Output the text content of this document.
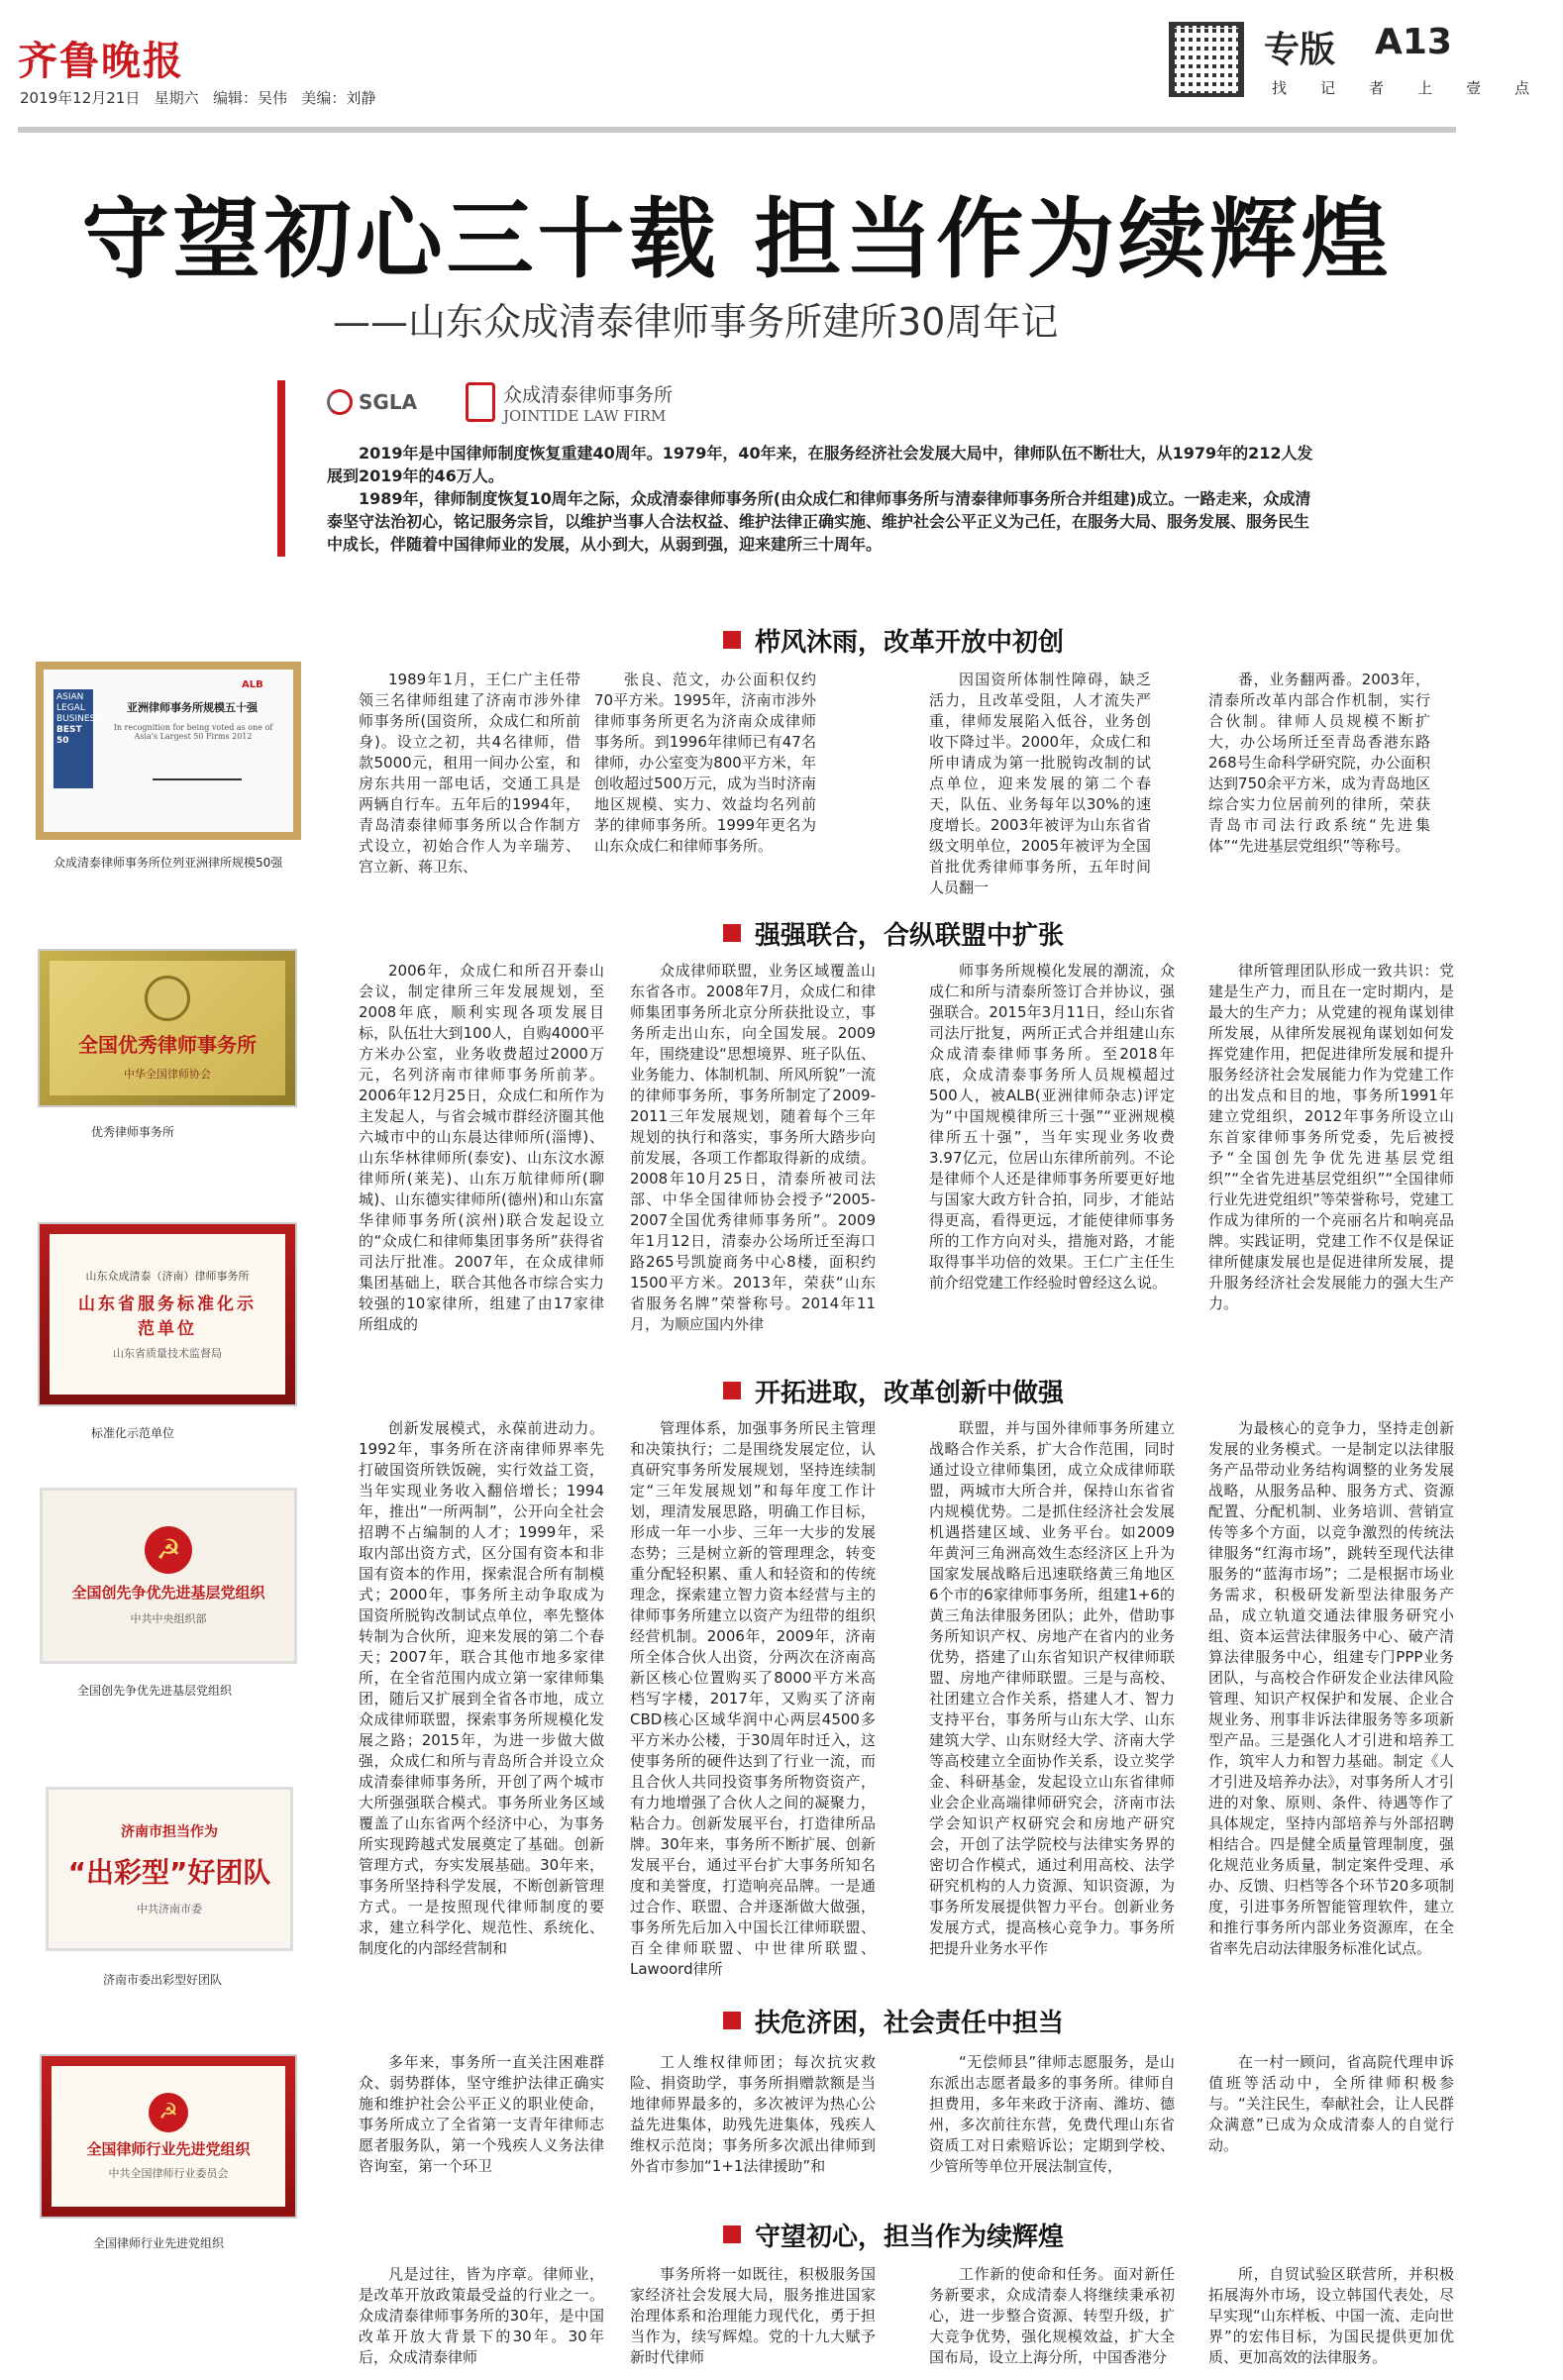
齐鲁晚报
2019年12月21日 星期六 编辑：吴伟 美编：刘静
专版 A13
找 记 者 上 壹 点
守望初心三十载 担当作为续辉煌
——山东众成清泰律师事务所建所30周年记
SGLA	众成清泰律师事务所
JOINTIDE LAW FIRM

2019年是中国律师制度恢复重建40周年。1979年，40年来，在服务经济社会发展大局中，律师队伍不断壮大，从1979年的212人发展到2019年的46万人。

1989年，律师制度恢复10周年之际，众成清泰律师事务所(由众成仁和律师事务所与清泰律师事务所合并组建)成立。一路走来，众成清泰坚守法治初心，铭记服务宗旨，以维护当事人合法权益、维护法律正确实施、维护社会公平正义为己任，在服务大局、服务发展、服务民生中成长，伴随着中国律师业的发展，从小到大，从弱到强，迎来建所三十周年。

栉风沐雨，改革开放中初创

1989年1月，王仁广主任带领三名律师组建了济南市涉外律师事务所(国资所，众成仁和所前身)。设立之初，共4名律师，借款5000元，租用一间办公室，和房东共用一部电话，交通工具是两辆自行车。五年后的1994年，青岛清泰律师事务所以合作制方式设立，初始合作人为辛瑞芳、宫立新、蒋卫东、

张良、范文，办公面积仅约70平方米。1995年，济南市涉外律师事务所更名为济南众成律师事务所。到1996年律师已有47名律师，办公室变为800平方米，年创收超过500万元，成为当时济南地区规模、实力、效益均名列前茅的律师事务所。1999年更名为山东众成仁和律师事务所。

因国资所体制性障碍，缺乏活力，且改革受阻，人才流失严重，律师发展陷入低谷，业务创收下降过半。2000年，众成仁和所申请成为第一批脱钩改制的试点单位，迎来发展的第二个春天，队伍、业务每年以30%的速度增长。2003年被评为山东省省级文明单位，2005年被评为全国首批优秀律师事务所，五年时间人员翻一

番，业务翻两番。2003年，清泰所改革内部合作机制，实行合伙制。律师人员规模不断扩大，办公场所迁至青岛香港东路268号生命科学研究院，办公面积达到750余平方米，成为青岛地区综合实力位居前列的律所，荣获青岛市司法行政系统“先进集体”“先进基层党组织”等称号。

强强联合，合纵联盟中扩张

2006年，众成仁和所召开泰山会议，制定律所三年发展规划，至2008年底，顺利实现各项发展目标，队伍壮大到100人，自购4000平方米办公室，业务收费超过2000万元，名列济南市律师事务所前茅。2006年12月25日，众成仁和所作为主发起人，与省会城市群经济圈其他六城市中的山东晨达律师所(淄博)、山东华林律师所(泰安)、山东汶水源律师所(莱芜)、山东万航律师所(聊城)、山东德实律师所(德州)和山东富华律师事务所(滨州)联合发起设立的“众成仁和律师集团事务所”获得省司法厅批准。2007年，在众成律师集团基础上，联合其他各市综合实力较强的10家律所，组建了由17家律所组成的

众成律师联盟，业务区域覆盖山东省各市。2008年7月，众成仁和律师集团事务所北京分所获批设立，事务所走出山东，向全国发展。2009年，围绕建设“思想境界、班子队伍、业务能力、体制机制、所风所貌”一流的律师事务所，事务所制定了2009-2011三年发展规划，随着每个三年规划的执行和落实，事务所大踏步向前发展，各项工作都取得新的成绩。2008年10月25日，清泰所被司法部、中华全国律师协会授予“2005-2007全国优秀律师事务所”。2009年1月12日，清泰办公场所迁至海口路265号凯旋商务中心8楼，面积约1500平方米。2013年，荣获“山东省服务名牌”荣誉称号。2014年11月，为顺应国内外律

师事务所规模化发展的潮流，众成仁和所与清泰所签订合并协议，强强联合。2015年3月11日，经山东省司法厅批复，两所正式合并组建山东众成清泰律师事务所。至2018年底，众成清泰事务所人员规模超过500人，被ALB(亚洲律师杂志)评定为“中国规模律所三十强”“亚洲规模律所五十强”，当年实现业务收费3.97亿元，位居山东律所前列。不论是律师个人还是律师事务所要更好地与国家大政方针合拍，同步，才能站得更高，看得更远，才能使律师事务所的工作方向对头，措施对路，才能取得事半功倍的效果。王仁广主任生前介绍党建工作经验时曾经这么说。

律所管理团队形成一致共识：党建是生产力，而且在一定时期内，是最大的生产力；从党建的视角谋划律所发展，从律所发展视角谋划如何发挥党建作用，把促进律所发展和提升服务经济社会发展能力作为党建工作的出发点和目的地，事务所1991年建立党组织，2012年事务所设立山东首家律师事务所党委，先后被授予“全国创先争优先进基层党组织”“全省先进基层党组织”“全国律师行业先进党组织”等荣誉称号，党建工作成为律所的一个亮丽名片和响亮品牌。实践证明，党建工作不仅是保证律所健康发展也是促进律所发展，提升服务经济社会发展能力的强大生产力。

开拓进取，改革创新中做强

创新发展模式，永葆前进动力。1992年，事务所在济南律师界率先打破国资所铁饭碗，实行效益工资，当年实现业务收入翻倍增长；1994年，推出“一所两制”，公开向全社会招聘不占编制的人才；1999年，采取内部出资方式，区分国有资本和非国有资本的作用，探索混合所有制模式；2000年，事务所主动争取成为国资所脱钩改制试点单位，率先整体转制为合伙所，迎来发展的第二个春天；2007年，联合其他市地多家律所，在全省范围内成立第一家律师集团，随后又扩展到全省各市地，成立众成律师联盟，探索事务所规模化发展之路；2015年，为进一步做大做强，众成仁和所与青岛所合并设立众成清泰律师事务所，开创了两个城市大所强强联合模式。事务所业务区域覆盖了山东省两个经济中心，为事务所实现跨越式发展奠定了基础。创新管理方式，夯实发展基础。30年来，事务所坚持科学发展，不断创新管理方式。一是按照现代律师制度的要求，建立科学化、规范性、系统化、制度化的内部经营制和

管理体系，加强事务所民主管理和决策执行；二是围绕发展定位，认真研究事务所发展规划，坚持连续制定“三年发展规划”和每年度工作计划，理清发展思路，明确工作目标，形成一年一小步、三年一大步的发展态势；三是树立新的管理理念，转变重分配轻积累、重人和轻资和的传统理念，探索建立智力资本经营与主的律师事务所建立以资产为纽带的组织经营机制。2006年，2009年，济南所全体合伙人出资，分两次在济南高新区核心位置购买了8000平方米高档写字楼，2017年，又购买了济南CBD核心区域华润中心两层4500多平方米办公楼，于30周年时迁入，这使事务所的硬件达到了行业一流，而且合伙人共同投资事务所物资资产，有力地增强了合伙人之间的凝聚力，粘合力。创新发展平台，打造律所品牌。30年来，事务所不断扩展、创新发展平台，通过平台扩大事务所知名度和美誉度，打造响亮品牌。一是通过合作、联盟、合并逐渐做大做强，事务所先后加入中国长江律师联盟、百全律师联盟、中世律所联盟、Lawoord律所

联盟，并与国外律师事务所建立战略合作关系，扩大合作范围，同时通过设立律师集团，成立众成律师联盟，两城市大所合并，保持山东省省内规模优势。二是抓住经济社会发展机遇搭建区域、业务平台。如2009年黄河三角洲高效生态经济区上升为国家发展战略后迅速联络黄三角地区6个市的6家律师事务所，组建1+6的黄三角法律服务团队；此外，借助事务所知识产权、房地产在省内的业务优势，搭建了山东省知识产权律师联盟、房地产律师联盟。三是与高校、社团建立合作关系，搭建人才、智力支持平台，事务所与山东大学、山东建筑大学、山东财经大学、济南大学等高校建立全面协作关系，设立奖学金、科研基金，发起设立山东省律师业会企业高端律师研究会，济南市法学会知识产权研究会和房地产研究会，开创了法学院校与法律实务界的密切合作模式，通过利用高校、法学研究机构的人力资源、知识资源，为事务所发展提供智力平台。创新业务发展方式，提高核心竞争力。事务所把提升业务水平作

为最核心的竞争力，坚持走创新发展的业务模式。一是制定以法律服务产品带动业务结构调整的业务发展战略，从服务品种、服务方式、资源配置、分配机制、业务培训、营销宣传等多个方面，以竞争激烈的传统法律服务“红海市场”，跳转至现代法律服务的“蓝海市场”；二是根据市场业务需求，积极研发新型法律服务产品，成立轨道交通法律服务研究小组、资本运营法律服务中心、破产清算法律服务中心，组建专门PPP业务团队，与高校合作研发企业法律风险管理、知识产权保护和发展、企业合规业务、刑事非诉法律服务等多项新型产品。三是强化人才引进和培养工作，筑牢人力和智力基础。制定《人才引进及培养办法》，对事务所人才引进的对象、原则、条件、待遇等作了具体规定，坚持内部培养与外部招聘相结合。四是健全质量管理制度，强化规范业务质量，制定案件受理、承办、反馈、归档等各个环节20多项制度，引进事务所智能管理软件，建立和推行事务所内部业务资源库，在全省率先启动法律服务标准化试点。

扶危济困，社会责任中担当

多年来，事务所一直关注困难群众、弱势群体，坚守维护法律正确实施和维护社会公平正义的职业使命，事务所成立了全省第一支青年律师志愿者服务队，第一个残疾人义务法律咨询室，第一个环卫

工人维权律师团；每次抗灾救险、捐资助学，事务所捐赠款额是当地律师界最多的，多次被评为热心公益先进集体，助残先进集体，残疾人维权示范岗；事务所多次派出律师到外省市参加“1+1法律援助”和

“无偿师县”律师志愿服务，是山东派出志愿者最多的事务所。律师自担费用，多年来政于济南、潍坊、德州，多次前往东营，免费代理山东省资质工对日索赔诉讼；定期到学校、少管所等单位开展法制宣传，

在一村一顾问，省高院代理申诉值班等活动中，全所律师积极参与。“关注民生，奉献社会，让人民群众满意”已成为众成清泰人的自觉行动。

守望初心，担当作为续辉煌

凡是过往，皆为序章。律师业，是改革开放政策最受益的行业之一。众成清泰律师事务所的30年，是中国改革开放大背景下的30年。30年后，众成清泰律师

事务所将一如既往，积极服务国家经济社会发展大局，服务推进国家治理体系和治理能力现代化，勇于担当作为，续写辉煌。党的十九大赋予新时代律师

工作新的使命和任务。面对新任务新要求，众成清泰人将继续秉承初心，进一步整合资源、转型升级，扩大竞争优势，强化规模效益，扩大全国布局，设立上海分所，中国香港分

所，自贸试验区联营所，并积极拓展海外市场，设立韩国代表处，尽早实现“山东样板、中国一流、走向世界”的宏伟目标，为国民提供更加优质、更加高效的法律服务。

ASIAN LEGAL BUSINESS
BEST 50
亚洲律师事务所规模五十强
In recognition for being voted as one of Asia's Largest 50 Firms 2012
ALB
众成清泰律师事务所位列亚洲律所规模50强
全国优秀律师事务所
中华全国律师协会
优秀律师事务所
山东众成清泰（济南）律师事务所
山东省服务标准化示范单位
山东省质量技术监督局
标准化示范单位
☭
全国创先争优先进基层党组织
中共中央组织部
全国创先争优先进基层党组织
济南市担当作为
“出彩型”好团队
中共济南市委
济南市委出彩型好团队
☭
全国律师行业先进党组织
中共全国律师行业委员会
全国律师行业先进党组织
